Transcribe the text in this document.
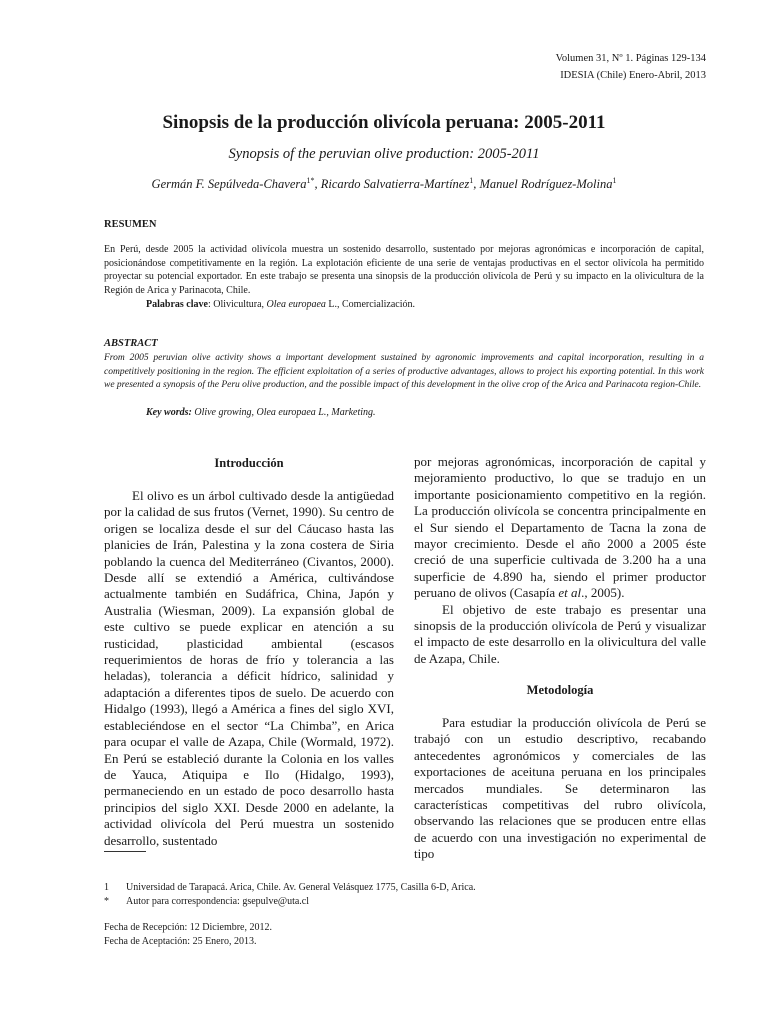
Volumen 31, Nº 1. Páginas 129-134
IDESIA (Chile) Enero-Abril, 2013
Sinopsis de la producción olivícola peruana: 2005-2011
Synopsis of the peruvian olive production: 2005-2011
Germán F. Sepúlveda-Chavera$^{1*}$, Ricardo Salvatierra-Martínez$^1$, Manuel Rodríguez-Molina$^1$
RESUMEN
En Perú, desde 2005 la actividad olivícola muestra un sostenido desarrollo, sustentado por mejoras agronómicas e incorporación de capital, posicionándose competitivamente en la región. La explotación eficiente de una serie de ventajas productivas en el sector olivícola ha permitido proyectar su potencial exportador. En este trabajo se presenta una sinopsis de la producción olivícola de Perú y su impacto en la olivicultura de la Región de Arica y Parinacota, Chile.
Palabras clave: Olivicultura, Olea europaea L., Comercialización.
ABSTRACT
From 2005 peruvian olive activity shows a important development sustained by agronomic improvements and capital incorporation, resulting in a competitively positioning in the region. The efficient exploitation of a series of productive advantages, allows to project his exporting potential. In this work we presented a synopsis of the Peru olive production, and the possible impact of this development in the olive crop of the Arica and Parinacota region-Chile.
Key words: Olive growing, Olea europaea L., Marketing.
Introducción

El olivo es un árbol cultivado desde la antigüedad por la calidad de sus frutos (Vernet, 1990). Su centro de origen se localiza desde el sur del Cáucaso hasta las planicies de Irán, Palestina y la zona costera de Siria poblando la cuenca del Mediterráneo (Civantos, 2000). Desde allí se extendió a América, cultivándose actualmente también en Sudáfrica, China, Japón y Australia (Wiesman, 2009). La expansión global de este cultivo se puede explicar en atención a su rusticidad, plasticidad ambiental (escasos requerimientos de horas de frío y tolerancia a las heladas), tolerancia a déficit hídrico, salinidad y adaptación a diferentes tipos de suelo. De acuerdo con Hidalgo (1993), llegó a América a fines del siglo XVI, estableciéndose en el sector “La Chimba”, en Arica para ocupar el valle de Azapa, Chile (Wormald, 1972). En Perú se estableció durante la Colonia en los valles de Yauca, Atiquipa e Ilo (Hidalgo, 1993), permaneciendo en un estado de poco desarrollo hasta principios del siglo XXI. Desde 2000 en adelante, la actividad olivícola del Perú muestra un sostenido desarrollo, sustentado

por mejoras agronómicas, incorporación de capital y mejoramiento productivo, lo que se tradujo en un importante posicionamiento competitivo en la región. La producción olivícola se concentra principalmente en el Sur siendo el Departamento de Tacna la zona de mayor crecimiento. Desde el año 2000 a 2005 éste creció de una superficie cultivada de 3.200 ha a una superficie de 4.890 ha, siendo el primer productor peruano de olivos (Casapía et al., 2005).

El objetivo de este trabajo es presentar una sinopsis de la producción olivícola de Perú y visualizar el impacto de este desarrollo en la olivicultura del valle de Azapa, Chile.

Metodología

Para estudiar la producción olivícola de Perú se trabajó con un estudio descriptivo, recabando antecedentes agronómicos y comerciales de las exportaciones de aceituna peruana en los principales mercados mundiales. Se determinaron las características competitivas del rubro olivícola, observando las relaciones que se producen entre ellas de acuerdo con una investigación no experimental de tipo

1	Universidad de Tarapacá. Arica, Chile. Av. General Velásquez 1775, Casilla 6-D, Arica.
*	Autor para correspondencia: gsepulve@uta.cl
Fecha de Recepción: 12 Diciembre, 2012.
Fecha de Aceptación: 25 Enero, 2013.
